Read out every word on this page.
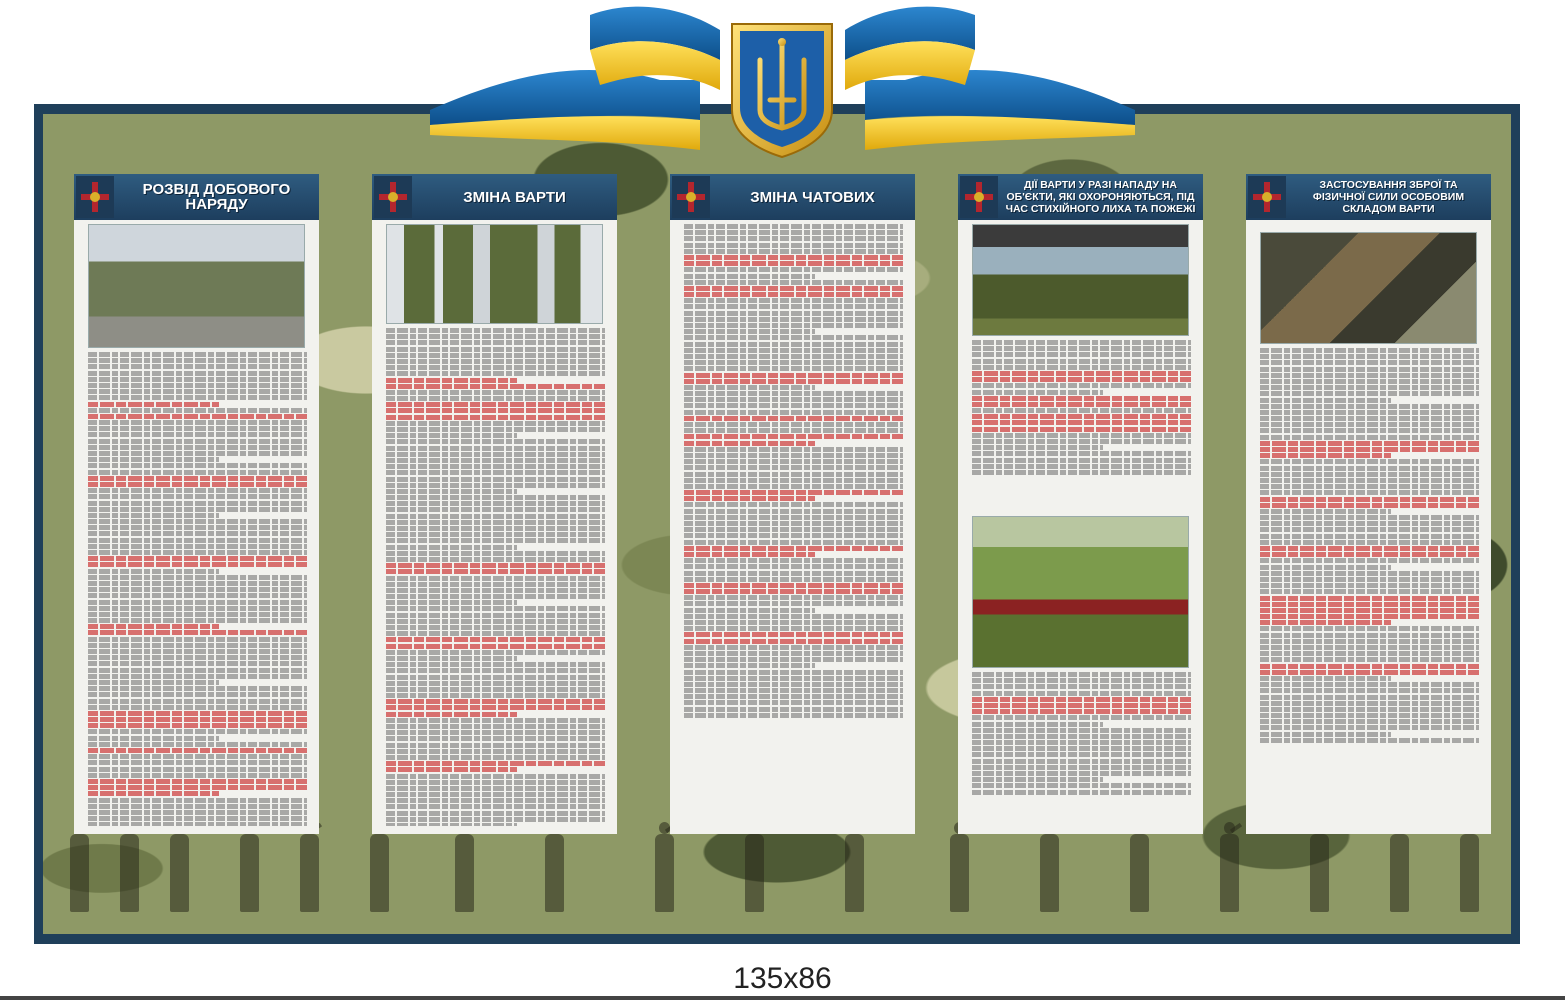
РОЗВІД ДОБОВОГО НАРЯДУ	ЗМІНА ВАРТИ	ЗМІНА ЧАТОВИХ
ДІЇ ВАРТИ У РАЗІ НАПАДУ НА ОБ'ЄКТИ, ЯКІ ОХОРОНЯЮТЬСЯ, ПІД ЧАС СТИХІЙНОГО ЛИХА ТА ПОЖЕЖІ
ЗАСТОСУВАННЯ ЗБРОЇ ТА ФІЗИЧНОЇ СИЛИ ОСОБОВИМ СКЛАДОМ ВАРТИ
135x86
